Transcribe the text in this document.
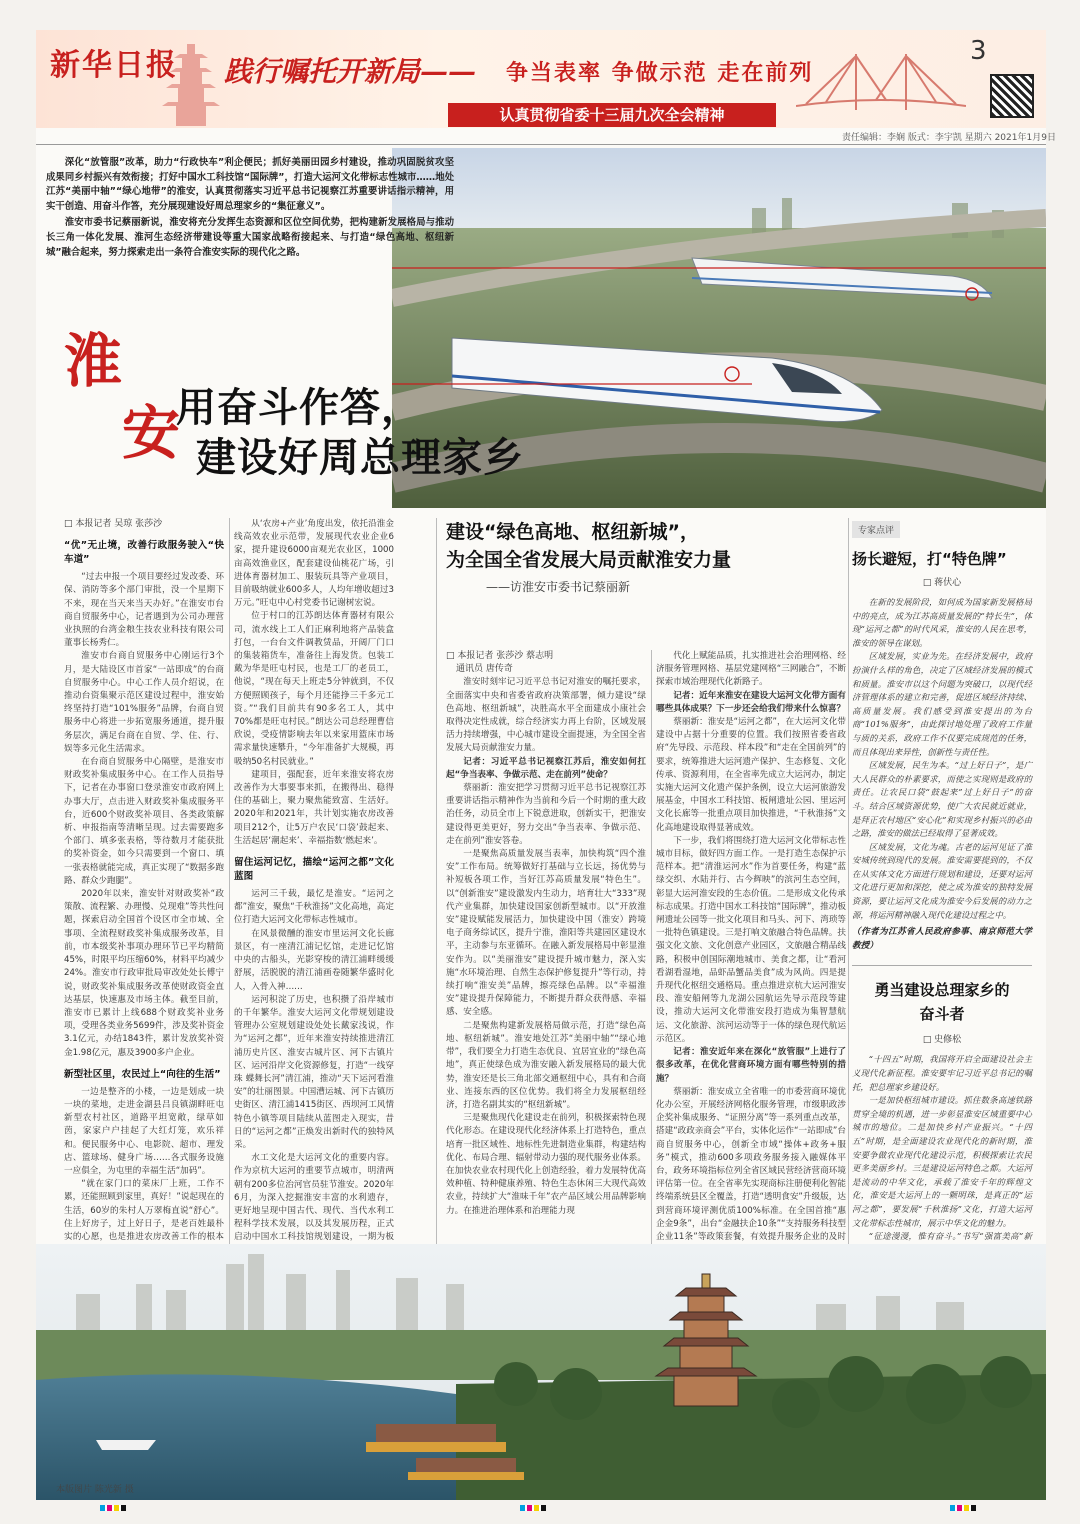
新华日报 践行嘱托开新局—— 争当表率 争做示范 走在前列
3
认真贯彻省委十三届九次全会精神
责任编辑：李娴 版式：李宇凯 星期六 2021年1月9日

深化“放管服”改革，助力“行政快车”利企便民；抓好美丽田园乡村建设，推动巩固脱贫攻坚成果同乡村振兴有效衔接；打好中国水工科技馆“国际牌”，打造大运河文化带标志性城市……地处江苏“美丽中轴”“绿心地带”的淮安，认真贯彻落实习近平总书记视察江苏重要讲话指示精神，用实干创造、用奋斗作答，充分展现建设好周总理家乡的“集征意义”。

淮安市委书记蔡丽新说，淮安将充分发挥生态资源和区位空间优势，把构建新发展格局与推动长三角一体化发展、淮河生态经济带建设等重大国家战略衔接起来、与打造“绿色高地、枢纽新城”融合起来，努力探索走出一条符合淮安实际的现代化之路。

淮
安
用奋斗作答，
建设好周总理家乡

□ 本报记者 吴琼 张莎沙

“优”无止境，改善行政服务驶入“快车道”

“过去申报一个项目要经过发改委、环保、消防等多个部门审批，没一个星期下不来，现在当天来当天办好。”在淮安市台商自贸服务中心，记者遇到为公司办理营业执照的台湾金粮生技农业科技有限公司董事长杨秀仁。

淮安市台商自贸服务中心刚运行3个月，是大陆设区市首家“一站即成”的台商自贸服务中心。中心工作人员介绍说，在推动台资集聚示范区建设过程中，淮安始终坚持打造“101%服务”品牌，台商自贸服务中心将进一步拓宽服务通道，提升服务层次，满足台商在自贸、学、住、行、娱等多元化生活需求。

在台商自贸服务中心隔壁，是淮安市财政奖补集成服务中心。在工作人员指导下，记者在办事窗口登录淮安市政府网上办事大厅，点击进入财政奖补集成服务平台，近600个财政奖补项目、各类政策解析、申报指南等清晰呈现。过去需要跑多个部门、填多张表格，等待数月才能获批的奖补资金，如今只需要到一个窗口、填一张表格就能完成，真正实现了“数据多跑路、群众少跑腿”。

2020年以来，淮安针对财政奖补“政策散、流程繁、办理慢、兑现难”等共性问题，探索启动全国首个设区市全市域、全事项、全流程财政奖补集成服务改革，目前，市本级奖补事项办理环节已平均精简45%，时限平均压缩60%，材料平均减少24%。淮安市行政审批局审改处处长傅宁说，财政奖补集成服务改革使财政资金直达基层，快速惠及市场主体。截至目前，淮安市已累计上线688个财政奖补业务项，受理各类业务5699件，涉及奖补资金3.1亿元，办结1843件，累计发放奖补资金1.98亿元，惠及3900多户企业。

新型社区里，农民过上“向往的生活”

一边是整齐的小楼，一边是划成一块一块的菜地，走进金湖县吕良镇湖畔旺屯新型农村社区，道路平坦宽敞，绿草如茵，家家户户挂起了大红灯笼，欢乐祥和。便民服务中心、电影院、超市、理发店、篮球场、健身广场……各式服务设施一应俱全，为屯里的幸福生活“加码”。

“就在家门口的菜床厂上班，工作不累，还能照顾到家里，真好！”说起现在的生活，60岁的朱村人万翠梅直说“舒心”。住上好房子，过上好日子，是老百姓最朴实的心愿，也是推进农房改善工作的根本

从‘农房+产业’角度出发，依托沿淮金线高效农业示范带，发展现代农业企业6家，提升建设6000亩观光农业区，1000亩高效渔业区，配套建设仙桃花广场，引进体育器材加工、服装玩具等产业项目，目前吸纳就业600多人，人均年增收超过3万元。”旺屯中心村党委书记谢树宏说。

位于村口的江苏朗达体育器材有限公司，流水线上工人们正麻利地将产品装盒打包，一台台文件调教赁品，开阔厂门口的集装箱货车，准备往上海发货。包装工戴为华是旺屯村民，也是工厂的老员工，他说，“现在每天上班走5分钟就到，不仅方便照顾孩子，每个月还能挣三千多元工资。”“我们目前共有90多名工人，其中70%都是旺屯村民。”朗达公司总经理曹信欣说，受疫情影响去年以来家用篮床市场需求量快速攀升，“今年准备扩大规模，再吸纳50名村民就业。”

建项目，强配套，近年来淮安将农房改善作为大事要事来抓，在搬得出、稳得住的基础上，聚力聚焦能致富、生活好。2020年和2021年，共计划实施农房改善项目212个，让5万户农民‘口袋’鼓起来、生活起居‘潮起来’、幸福指数‘燃起来’。

留住运河记忆，描绘“运河之都”文化蓝图

运河三千载，最忆是淮安。“运河之都”淮安，聚焦“千秋淮扬”文化高地，高定位打造大运河文化带标志性城市。

在风景微醺的淮安市里运河文化长廊景区，有一座清江浦记忆馆，走进记忆馆中央的古船头，光影穿梭的清江浦畔缓缓舒展，活脱脱的清江浦画卷随繁华盛时化人，入骨入神……

运河积淀了历史，也积攒了沿岸城市的千年繁华。淮安大运河文化带规划建设管理办公室规划建设处处长戴家浅说，作为“运河之都”，近年来淮安持续推进清江浦历史片区、淮安古城片区、河下古镇片区、运河沿岸文化资源修复，打造“一线穿珠 蝶舞长河”清江浦，推动“天下运河看淮安”的壮丽图景。中国漕运城、河下古镇历史街区、清江浦1415街区、西坝河工风情特色小镇等项目陆续从蓝图走入现实，昔日的“运河之都”正焕发出新时代的独特风采。

水工文化是大运河文化的重要内容。作为京杭大运河的重要节点城市，明清两朝有200多位治河官员驻节淮安。2020年6月，为深入挖掘淮安丰富的水利遗存，更好地呈现中国古代、现代、当代水利工程科学技术发展，以及其发展历程，正式启动中国水工科技馆规划建设，一期为板

建设“绿色高地、枢纽新城”，
为全国全省发展大局贡献淮安力量
——访淮安市委书记蔡丽新

□ 本报记者 张莎沙 蔡志明

通讯员 唐传奇

淮安时刻牢记习近平总书记对淮安的嘱托要求，全面落实中央和省委省政府决策部署，倾力建设“绿色高地、枢纽新城”，决胜高水平全面建成小康社会取得决定性成就，综合经济实力再上台阶，区域发展活力持续增强，中心城市建设全面提速，为全国全省发展大局贡献淮安力量。

记者：习近平总书记视察江苏后，淮安如何扛起“争当表率、争做示范、走在前列”使命？

蔡丽新：淮安把学习贯彻习近平总书记视察江苏重要讲话指示精神作为当前和今后一个时期的重大政治任务，动员全市上下锐意进取，创新实干，把淮安建设得更美更好，努力交出“争当表率、争做示范、走在前列”淮安答卷。

一是聚焦高质量发展当表率，加快构筑“四个淮安”工作布局。统筹做好打基础与立长远，扬优势与补短板各项工作，当好江苏高质量发展“特色生”。以“创新淮安”建设激发内生动力，培育壮大“333”现代产业集群，加快建设国家创新型城市。以“开放淮安”建设赋能发展活力，加快建设中国（淮安）跨境电子商务综试区，提升宁淮，淮阳等共建园区建设水平，主动参与东亚循环。在融入新发展格局中彰显淮安作为。以“美丽淮安”建设提升城市魅力，深入实施“水环境治理、自然生态保护修复提升”等行动，持续打响“淮安美”品牌，擦亮绿色品牌。以“幸福淮安”建设提升保障能力，不断提升群众获得感、幸福感、安全感。

二是聚焦构建新发展格局做示范，打造“绿色高地、枢纽新城”。淮安地处江苏“美丽中轴”“绿心地带”，我们要全力打造生态优良、宜居宜业的“绿色高地”，真正使绿色成为淮安融入新发展格局的最大优势，淮安还是长三角北部交通枢纽中心，具有和合商业、连接东西的区位优势。我们将全力发展枢纽经济，打造名副其实的“枢纽新城”。

三是聚焦现代化建设走在前列，积极探索特色现代化形态。在建设现代化经济体系上打造特色，重点培育一批区域性、地标性先进制造业集群，构建结构优化、布局合理、辐射带动力强的现代服务业体系。在加快农业农村现代化上创造经验，着力发展特优高效种植、特种健康养殖、特色生态休闲三大现代高效农业，持续扩大“淮味千年”农产品区域公用品牌影响力。在推进治理体系和治理能力现

代化上赋能品质，扎实推进社会治理网格、经济服务管理网格、基层党建网格“三网融合”，不断探索市域治理现代化新路子。

记者：近年来淮安在建设大运河文化带方面有哪些具体成果？下一步还会给我们带来什么惊喜？

蔡丽新：淮安是“运河之都”，在大运河文化带建设中占据十分重要的位置。我们按照省委省政府“先导段、示范段、样本段”和“走在全国前列”的要求，统筹推进大运河遗产保护、生态修复、文化传承、资源利用，在全省率先成立大运河办，制定实施大运河文化遗产保护条例，设立大运河旅游发展基金，中国水工科技馆、板闸遗址公园、里运河文化长廊等一批重点项目加快推进，“千秋淮扬”文化高地建设取得显著成效。

下一步，我们将围绕打造大运河文化带标志性城市目标，做好四方面工作。一是打造生态保护示范样本。把“清淮运河水”作为首要任务，构建“蓝绿交织、水陆并行、古今辉映”的滨河生态空间，彰显大运河淮安段的生态价值。二是形成文化传承标志成果。打造中国水工科技馆“国际牌”，推动板闸遗址公园等一批文化项目和马头、河下、湾琐等一批特色镇建设。三是打响文旅融合特色品牌。扶强文化文旅、文化创意产业园区，文旅融合精品线路，积极申创国际潮地城市、美食之都，让“看河看湖看湿地，品虾品蟹品美食”成为风尚。四是提升现代化枢纽交通格局。重点推进京杭大运河淮安段、淮安船闸等九龙湖公园航运先导示范段等建设，推动大运河文化带淮安段打造成为集智慧航运、文化旅游、滨河运动等于一体的绿色现代航运示范区。

记者：淮安近年来在深化“放管服”上进行了很多改革，在优化营商环境方面有哪些特别的措施？

蔡丽新：淮安成立全省唯一的市委营商环境优化办公室，开展经济网格化服务管理，市级职政涉企奖补集成服务、“证照分离”等一系列重点改革，搭建“政政亲商会”平台，实体化运作“一站即成”台商自贸服务中心，创新全市域“操体+政务+服务”模式，推动600多项政务服务接入融媒体平台，政务环境指标位列全省区域民营经济营商环境评估第一位。在全省率先实现商标注册便利化智能终端系统县区全覆盖，打造“透明食安”升级版，达到营商环境评测优质100%标准。在全国首推“惠企金9条”，出台“金融扶企10条”“支持服务科技型企业11条”等政策套餐，有效提升服务企业的及时

专家点评
扬长避短，打“特色牌”
□ 蒋伏心

在新的发展阶段，如何成为国家新发展格局中的亮点，成为江苏高质量发展的“特长生”，体现“运河之都”的时代风采，淮安的人民在思考，淮安的领导在谋划。

区域发展，实业为先。在经济发展中，政府扮演什么样的角色，决定了区域经济发展的模式和质量。淮安市以这个问题为突破口，以现代经济管理体系的建立和完善，促进区域经济持续、高质量发展。我们感受到淮安提出的为台商“101%服务”，由此探讨地处理了政府工作量与质的关系，政府工作不仅要完成规范的任务，而且体现出来异性，创新性与责任性。

区域发展，民生为本。“过上好日子”，是广大人民群众的朴素要求，而使之实现则是政府的责任。让农民口袋“鼓起来”过上好日子”的奋斗。结合区域资源优势，使广大农民就近就业，是拜正农村地区“安心化”和实现乡村振兴的必由之路，淮安的做法已经取得了显著成效。

区域发展，文化为魂。古老的运河见证了淮安城传统到现代的发展。淮安需要提到的，不仅在从实体文化方面进行规划和建设，还要对运河文化进行更加和深挖，使之成为淮安的独特发展资源，要让运河文化成为淮安今后发展的动力之源，将运河精神融入现代化建设过程之中。

（作者为江苏省人民政府参事、南京师范大学教授）
勇当建设总理家乡的
奋斗者
□ 史修松

“十四五”时期，我国将开启全面建设社会主义现代化新征程。淮安要牢记习近平总书记的嘱托，把总理家乡建设好。

一是加快枢纽城市建设。抓住数条高速铁路贯穿全境的机遇，进一步彰显淮安区域重要中心城市的地位。二是加快乡村产业振兴。“十四五”时期，是全面建设农业现代化的新时期，淮安要争做农业现代化建设示范，积极探索让农民更多美丽乡村。三是建设运河特色之都。大运河是流动的中华文化，承载了淮安千年的辉煌文化，淮安是大运河上的一颗明珠，是真正的“运河之都”，要发展“千秋淮扬”文化，打造大运河文化带标志性城市，展示中华文化的魅力。

“征途漫漫，惟有奋斗。”书写“强富美高”新

本版图片 陈光新 摄
